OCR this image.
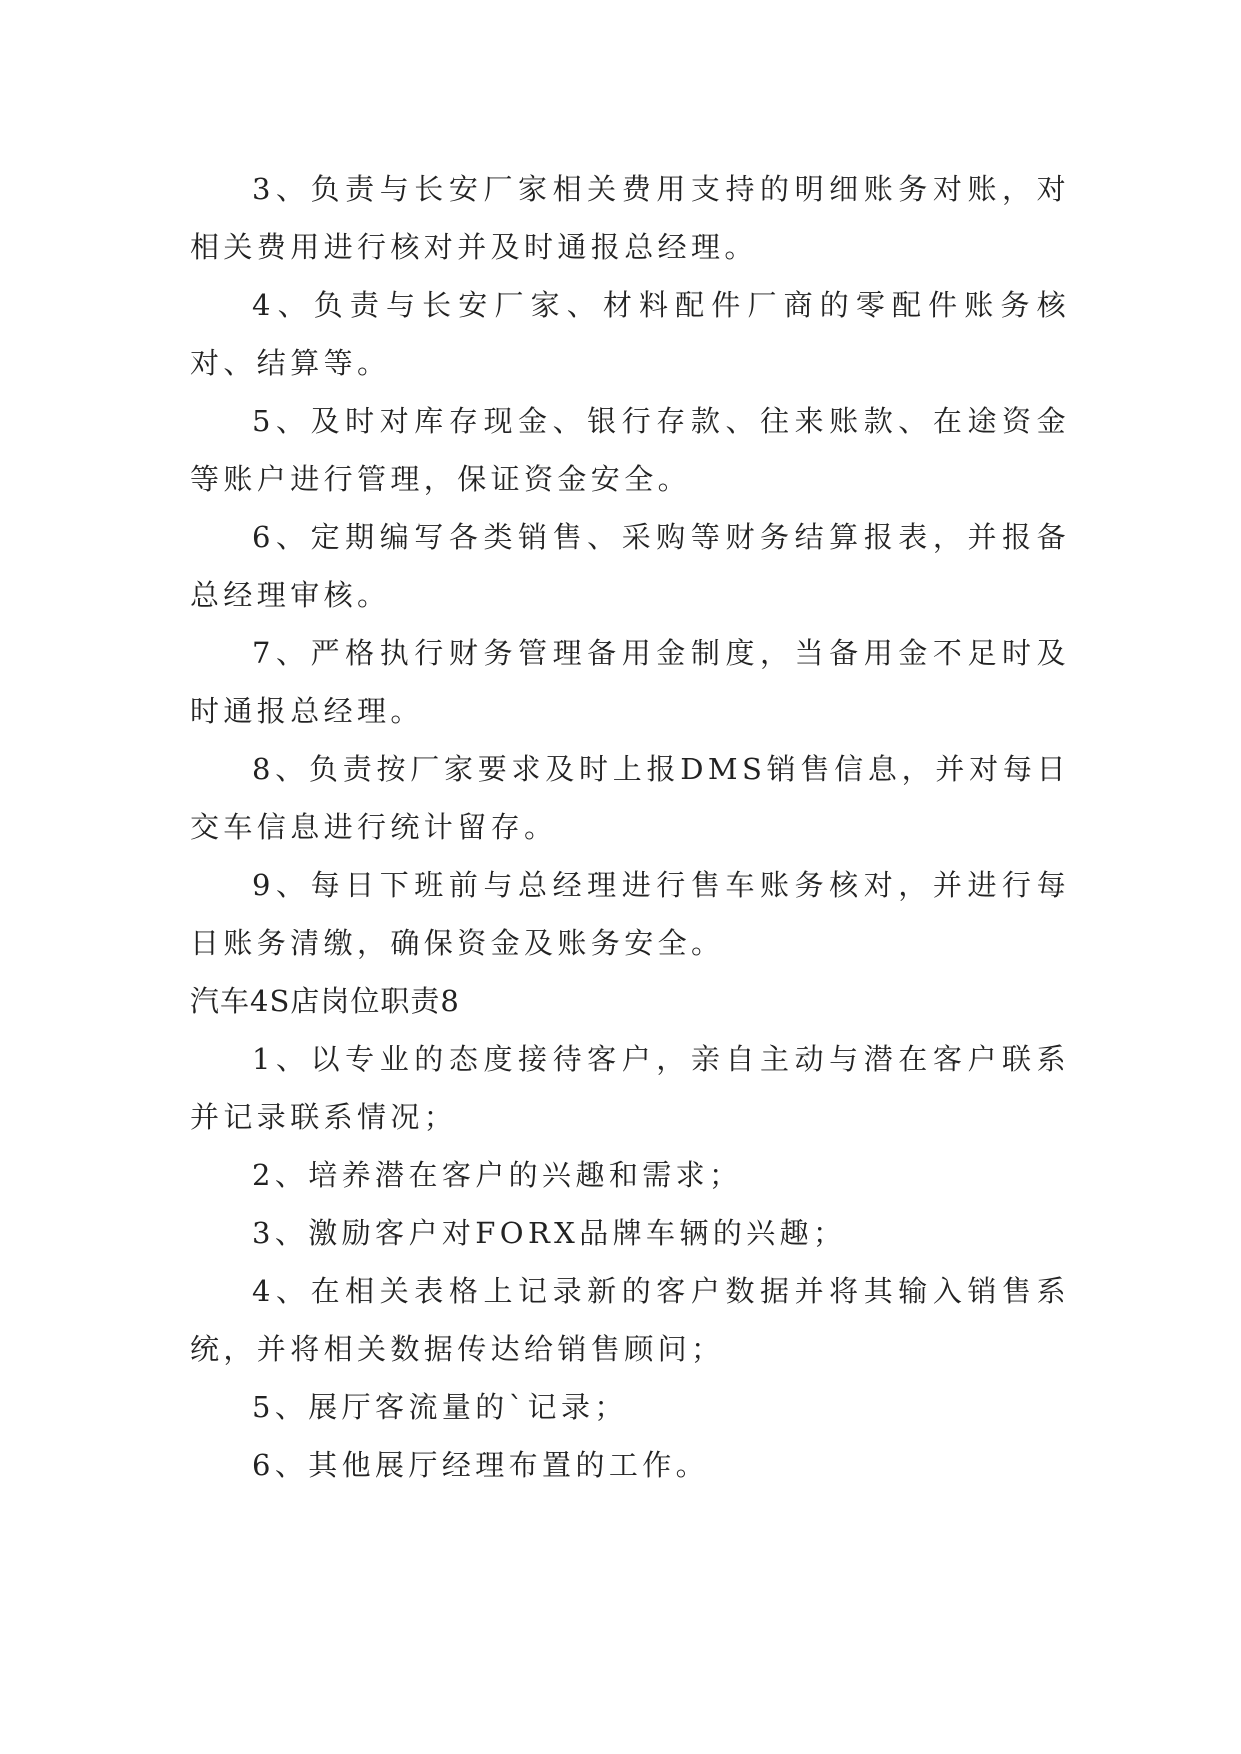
3、负责与长安厂家相关费用支持的明细账务对账，对相关费用进行核对并及时通报总经理。

4、负责与长安厂家、材料配件厂商的零配件账务核对、结算等。

5、及时对库存现金、银行存款、往来账款、在途资金等账户进行管理，保证资金安全。

6、定期编写各类销售、采购等财务结算报表，并报备总经理审核。

7、严格执行财务管理备用金制度，当备用金不足时及时通报总经理。

8、负责按厂家要求及时上报DMS销售信息，并对每日交车信息进行统计留存。

9、每日下班前与总经理进行售车账务核对，并进行每日账务清缴，确保资金及账务安全。

汽车4S店岗位职责8

1、以专业的态度接待客户，亲自主动与潜在客户联系并记录联系情况；

2、培养潜在客户的兴趣和需求；

3、激励客户对FORX品牌车辆的兴趣；

4、在相关表格上记录新的客户数据并将其输入销售系统，并将相关数据传达给销售顾问；

5、展厅客流量的`记录；

6、其他展厅经理布置的工作。
